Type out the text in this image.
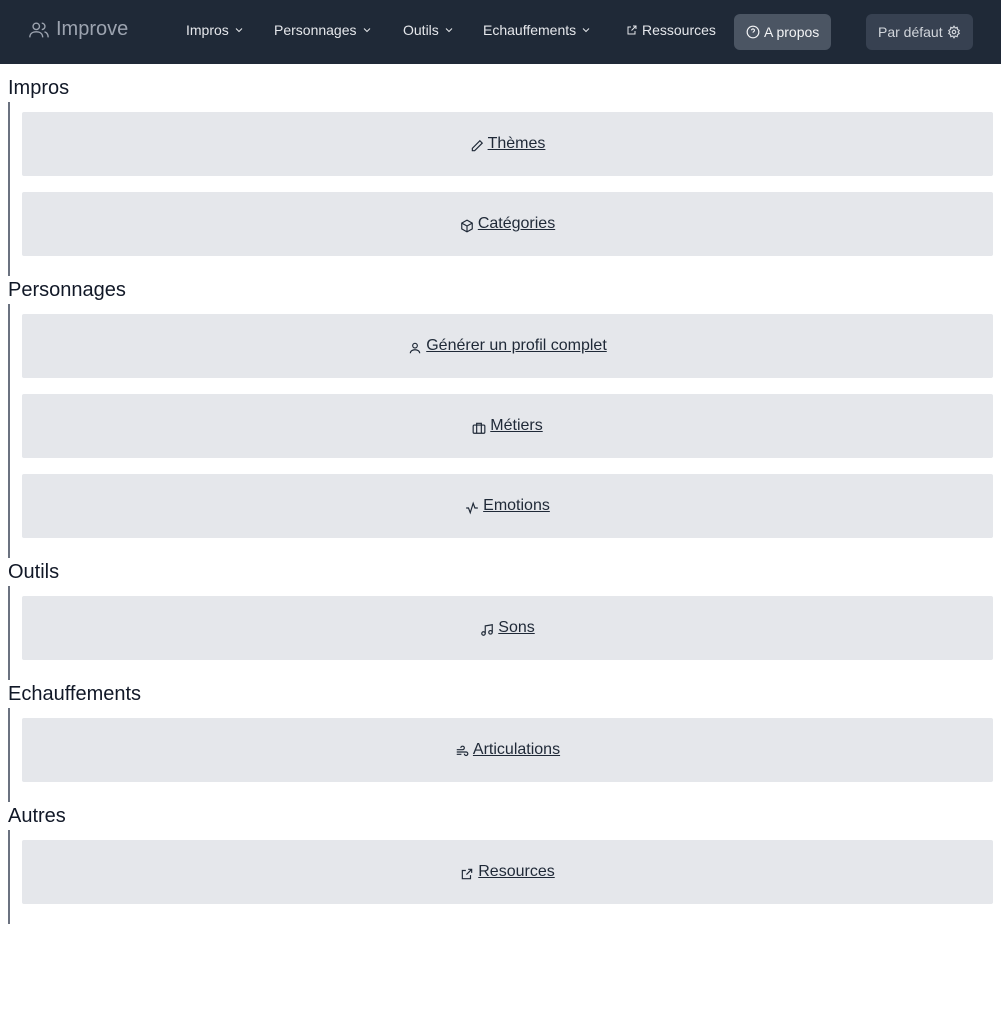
Improve	Impros	Personnages	Outils	Echauffements	Ressources	A propos	Par défaut
Impros
Thèmes
Catégories
Personnages
Générer un profil complet
Métiers
Emotions
Outils
Sons
Echauffements
Articulations
Autres
Resources
